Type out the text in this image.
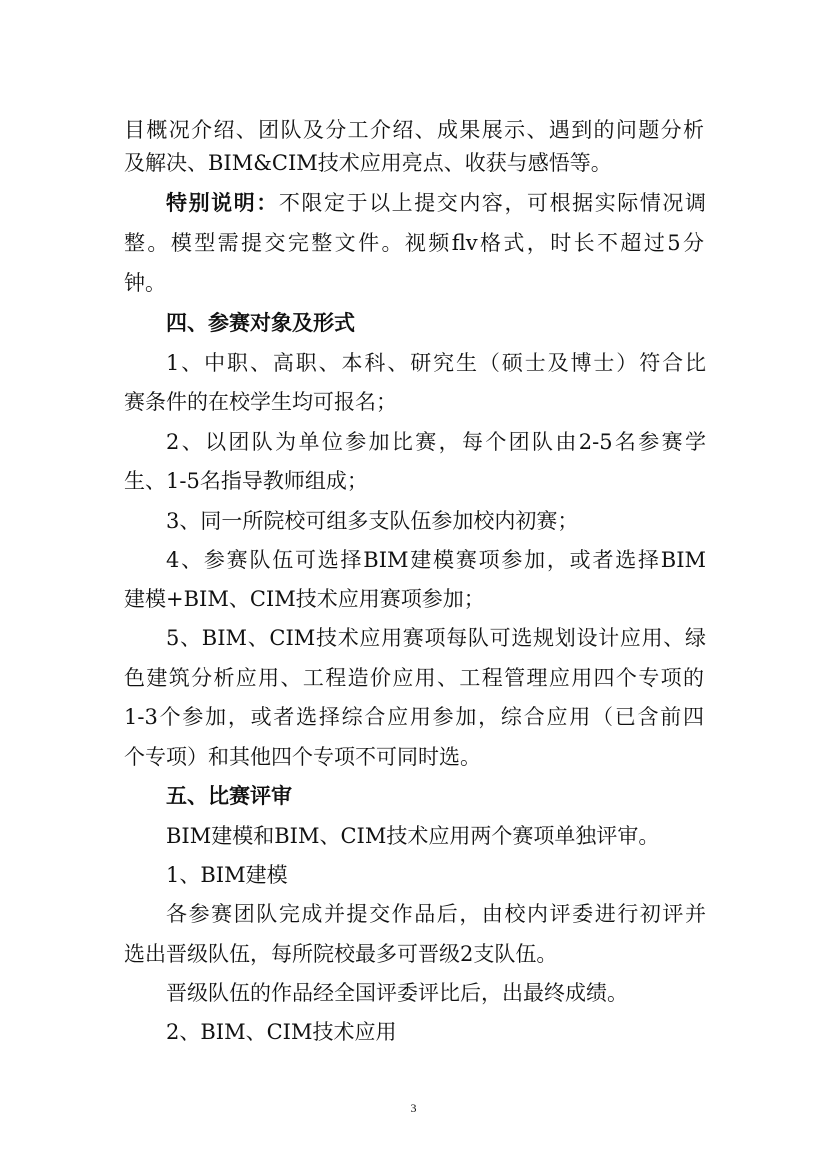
目概况介绍、团队及分工介绍、成果展示、遇到的问题分析
及解决、BIM&CIM技术应用亮点、收获与感悟等。
特别说明：不限定于以上提交内容，可根据实际情况调
整。模型需提交完整文件。视频flv格式，时长不超过5分
钟。
四、参赛对象及形式
1、中职、高职、本科、研究生（硕士及博士）符合比
赛条件的在校学生均可报名；
2、以团队为单位参加比赛，每个团队由2-5名参赛学
生、1-5名指导教师组成；
3、同一所院校可组多支队伍参加校内初赛；
4、参赛队伍可选择BIM建模赛项参加，或者选择BIM
建模+BIM、CIM技术应用赛项参加；
5、BIM、CIM技术应用赛项每队可选规划设计应用、绿
色建筑分析应用、工程造价应用、工程管理应用四个专项的
1-3个参加，或者选择综合应用参加，综合应用（已含前四
个专项）和其他四个专项不可同时选。
五、比赛评审
BIM建模和BIM、CIM技术应用两个赛项单独评审。
1、BIM建模
各参赛团队完成并提交作品后，由校内评委进行初评并
选出晋级队伍，每所院校最多可晋级2支队伍。
晋级队伍的作品经全国评委评比后，出最终成绩。
2、BIM、CIM技术应用
3
